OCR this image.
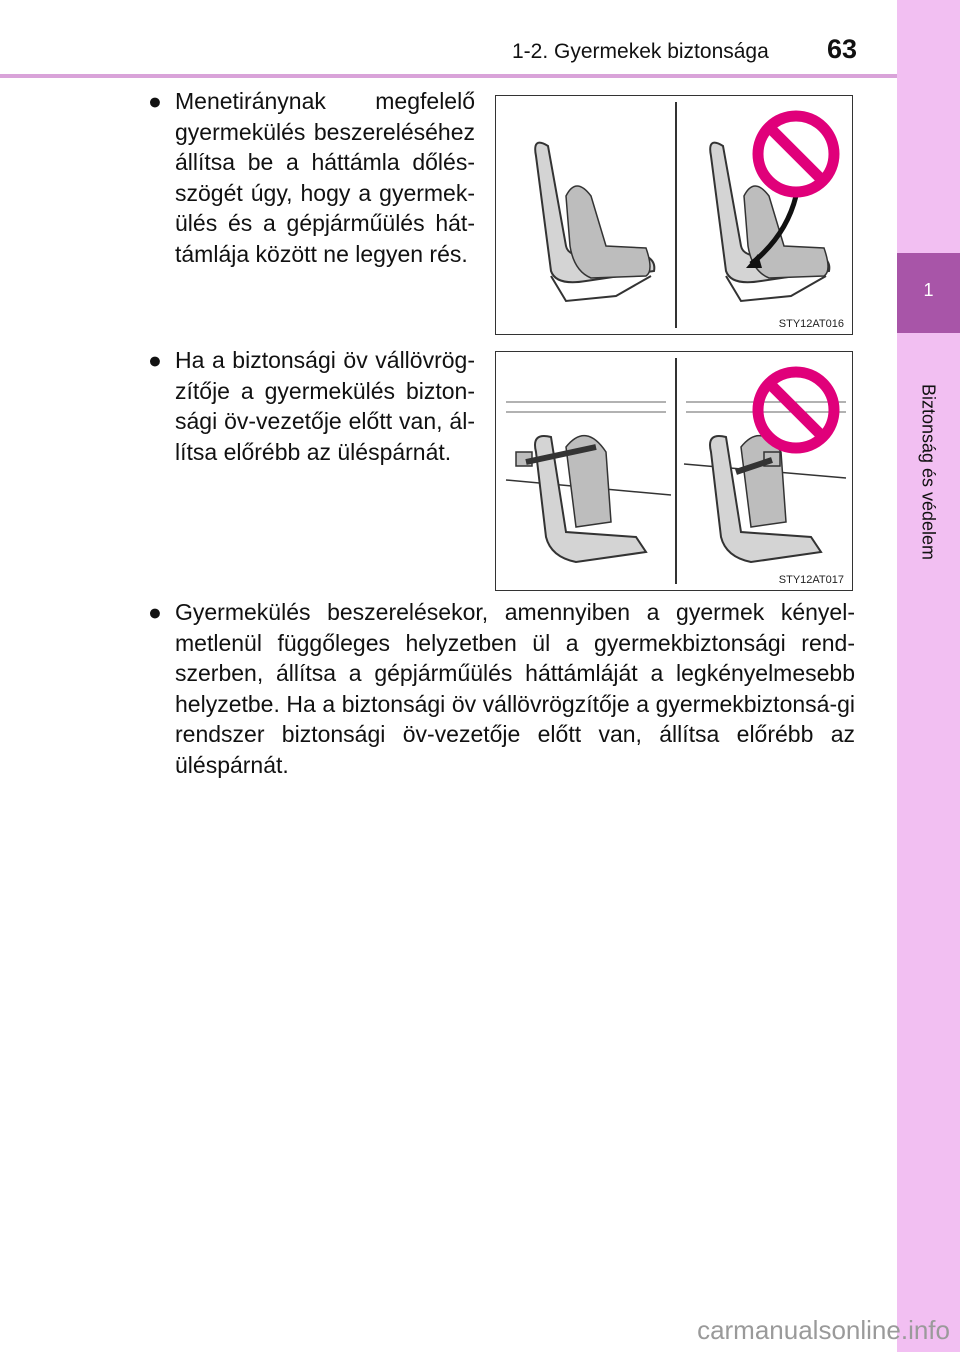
1-2. Gyermekek biztonsága 63
1
Biztonság és védelem
● Menetiránynak megfelelő gyermekülés beszereléséhez állítsa be a háttámla dőlés-szögét úgy, hogy a gyermek-ülés és a gépjárműülés hát-támlája között ne legyen rés.
STY12AT016
● Ha a biztonsági öv vállövrög-zítője a gyermekülés bizton-sági öv-vezetője előtt van, ál-lítsa előrébb az üléspárnát.
STY12AT017
● Gyermekülés beszerelésekor, amennyiben a gyermek kényel-metlenül függőleges helyzetben ül a gyermekbiztonsági rend-szerben, állítsa a gépjárműülés háttámláját a legkényelmesebb helyzetbe. Ha a biztonsági öv vállövrögzítője a gyermekbiztonsá-gi rendszer biztonsági öv-vezetője előtt van, állítsa előrébb az üléspárnát.
carmanualsonline.info
